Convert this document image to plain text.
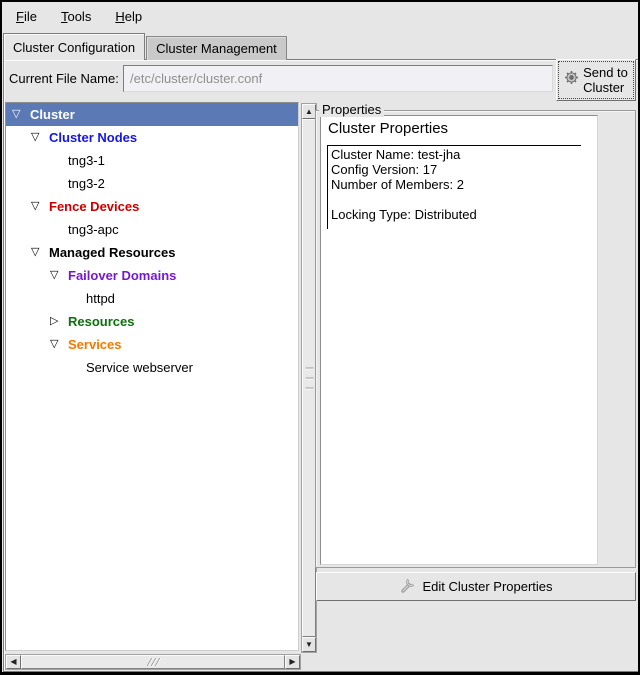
File	Tools	Help
Cluster Configuration	Cluster Management
Current File Name: /etc/cluster/cluster.conf	Send to
Cluster
▽ Cluster
▽ Cluster Nodes
tng3-1
tng3-2
▽ Fence Devices
tng3-apc
▽ Managed Resources
▽ Failover Domains
httpd
▷ Resources
▽ Services
Service webserver
▲
▼
◀	▶
Properties
Cluster Properties
Cluster Name: test-jha
Config Version: 17
Number of Members: 2
Locking Type: Distributed
Edit Cluster Properties
